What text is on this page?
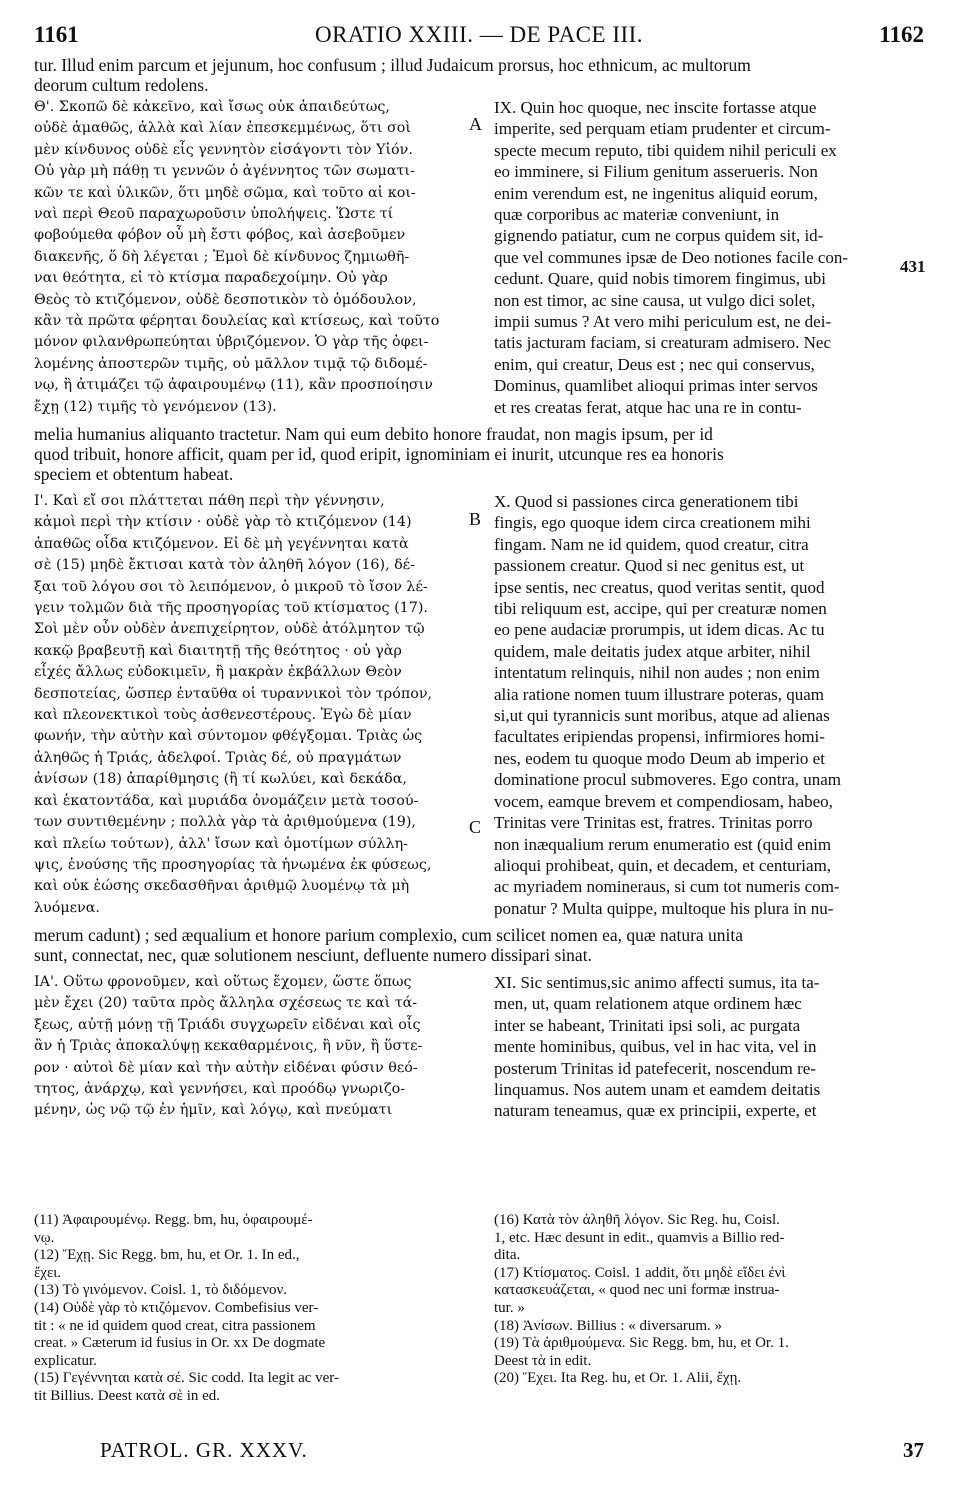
1161	ORATIO XXIII. — DE PACE III.	1162
tur. Illud enim parcum et jejunum, hoc confusum ; illud Judaicum prorsus, hoc ethnicum, ac multorum
deorum cultum redolens.
Θ'. Σκοπῶ δὲ κἀκεῖνο, καὶ ἴσως οὐκ ἀπαιδεύτως,
οὐδὲ ἀμαθῶς, ἀλλὰ καὶ λίαν ἐπεσκεμμένως, ὅτι σοὶ
μὲν κίνδυνος οὐδὲ εἷς γεννητὸν εἰσάγοντι τὸν Υἱόν.
Οὐ γὰρ μὴ πάθῃ τι γεννῶν ὁ ἀγέννητος τῶν σωματι-
κῶν τε καὶ ὑλικῶν, ὅτι μηδὲ σῶμα, καὶ τοῦτο αἱ κοι-
ναὶ περὶ Θεοῦ παραχωροῦσιν ὑπολήψεις. Ὥστε τί
φοβούμεθα φόβον οὗ μὴ ἔστι φόβος, καὶ ἀσεβοῦμεν
διακενῆς, ὅ δὴ λέγεται ; Ἐμοὶ δὲ κίνδυνος ζημιωθῆ-
ναι θεότητα, εἰ τὸ κτίσμα παραδεχοίμην. Οὐ γὰρ
Θεὸς τὸ κτιζόμενον, οὐδὲ δεσποτικὸν τὸ ὁμόδουλον,
κἂν τὰ πρῶτα φέρηται δουλείας καὶ κτίσεως, καὶ τοῦτο
μόνον φιλανθρωπεύηται ὑβριζόμενον. Ὁ γὰρ τῆς ὀφει-
λομένης ἀποστερῶν τιμῆς, οὐ μᾶλλον τιμᾷ τῷ διδομέ-
νῳ, ἢ ἀτιμάζει τῷ ἀφαιρουμένῳ (11), κἂν προσποίησιν
ἔχῃ (12) τιμῆς τὸ γενόμενον (13).
IX. Quin hoc quoque, nec inscite fortasse atque
imperite, sed perquam etiam prudenter et circum-
specte mecum reputo, tibi quidem nihil periculi ex
eo imminere, si Filium genitum asserueris. Non
enim verendum est, ne ingenitus aliquid eorum,
quæ corporibus ac materiæ conveniunt, in
gignendo patiatur, cum ne corpus quidem sit, id-
que vel communes ipsæ de Deo notiones facile con-
cedunt. Quare, quid nobis timorem fingimus, ubi
non est timor, ac sine causa, ut vulgo dici solet,
impii sumus ? At vero mihi periculum est, ne dei-
tatis jacturam faciam, si creaturam admisero. Nec
enim, qui creatur, Deus est ; nec qui conservus,
Dominus, quamlibet alioqui primas inter servos
et res creatas ferat, atque hac una re in contu-
431
A
melia humanius aliquanto tractetur. Nam qui eum debito honore fraudat, non magis ipsum, per id
quod tribuit, honore afficit, quam per id, quod eripit, ignominiam ei inurit, utcunque res ea honoris
speciem et obtentum habeat.
Ι'. Καὶ εἴ σοι πλάττεται πάθη περὶ τὴν γέννησιν,
κἀμοὶ περὶ τὴν κτίσιν · οὐδὲ γὰρ τὸ κτιζόμενον (14)
ἀπαθῶς οἶδα κτιζόμενον. Εἰ δὲ μὴ γεγέννηται κατὰ
σὲ (15) μηδὲ ἔκτισαι κατὰ τὸν ἀληθῆ λόγον (16), δέ-
ξαι τοῦ λόγου σοι τὸ λειπόμενον, ὁ μικροῦ τὸ ἴσον λέ-
γειν τολμῶν διὰ τῆς προσηγορίας τοῦ κτίσματος (17).
Σοὶ μὲν οὖν οὐδὲν ἀνεπιχείρητον, οὐδὲ ἀτόλμητον τῷ
κακῷ βραβευτῇ καὶ διαιτητῇ τῆς θεότητος · οὐ γὰρ
εἶχές ἄλλως εὐδοκιμεῖν, ἢ μακρὰν ἐκβάλλων Θεὸν
δεσποτείας, ὥσπερ ἐνταῦθα οἱ τυραννικοὶ τὸν τρόπον,
καὶ πλεονεκτικοὶ τοὺς ἀσθενεστέρους. Ἐγὼ δὲ μίαν
φωνήν, τὴν αὐτὴν καὶ σύντομον φθέγξομαι. Τριὰς ὡς
ἀληθῶς ἡ Τριάς, ἀδελφοί. Τριὰς δέ, οὐ πραγμάτων
ἀνίσων (18) ἀπαρίθμησις (ἢ τί κωλύει, καὶ δεκάδα,
καὶ ἑκατοντάδα, καὶ μυριάδα ὀνομάζειν μετὰ τοσού-
των συντιθεμένην ; πολλὰ γὰρ τὰ ἀριθμούμενα (19),
καὶ πλείω τούτων), ἀλλ' ἴσων καὶ ὁμοτίμων σύλλη-
ψις, ἑνούσης τῆς προσηγορίας τὰ ἡνωμένα ἐκ φύσεως,
καὶ οὐκ ἐώσης σκεδασθῆναι ἀριθμῷ λυομένῳ τὰ μὴ
λυόμενα.
X. Quod si passiones circa generationem tibi
fingis, ego quoque idem circa creationem mihi
fingam. Nam ne id quidem, quod creatur, citra
passionem creatur. Quod si nec genitus est, ut
ipse sentis, nec creatus, quod veritas sentit, quod
tibi reliquum est, accipe, qui per creaturæ nomen
eo pene audaciæ prorumpis, ut idem dicas. Ac tu
quidem, male deitatis judex atque arbiter, nihil
intentatum relinquis, nihil non audes ; non enim
alia ratione nomen tuum illustrare poteras, quam
si,ut qui tyrannicis sunt moribus, atque ad alienas
facultates eripiendas propensi, infirmiores homi-
nes, eodem tu quoque modo Deum ab imperio et
dominatione procul submoveres. Ego contra, unam
vocem, eamque brevem et compendiosam, habeo,
Trinitas vere Trinitas est, fratres. Trinitas porro
non inæqualium rerum enumeratio est (quid enim
alioqui prohibeat, quin, et decadem, et centuriam,
ac myriadem nomineraus, si cum tot numeris com-
ponatur ? Multa quippe, multoque his plura in nu-
B
C
merum cadunt) ; sed æqualium et honore parium complexio, cum scilicet nomen ea, quæ natura unita
sunt, connectat, nec, quæ solutionem nesciunt, defluente numero dissipari sinat.
ΙΑ'. Οὕτω φρονοῦμεν, καὶ οὕτως ἔχομεν, ὥστε ὅπως
μὲν ἔχει (20) ταῦτα πρὸς ἄλληλα σχέσεως τε καὶ τά-
ξεως, αὐτῇ μόνῃ τῇ Τριάδι συγχωρεῖν εἰδέναι καὶ οἷς
ἂν ἡ Τριὰς ἀποκαλύψῃ κεκαθαρμένοις, ἢ νῦν, ἢ ὕστε-
ρον · αὐτοὶ δὲ μίαν καὶ τὴν αὐτὴν εἰδέναι φύσιν θεό-
τητος, ἀνάρχῳ, καὶ γεννήσει, καὶ προόδῳ γνωριζο-
μένην, ὡς νῷ τῷ ἐν ἡμῖν, καὶ λόγῳ, καὶ πνεύματι
XI. Sic sentimus,sic animo affecti sumus, ita ta-
men, ut, quam relationem atque ordinem hæc
inter se habeant, Trinitati ipsi soli, ac purgata
mente hominibus, quibus, vel in hac vita, vel in
posterum Trinitas id patefecerit, noscendum re-
linquamus. Nos autem unam et eamdem deitatis
naturam teneamus, quæ ex principii, experte, et
(11) Ἀφαιρουμένῳ. Regg. bm, hu, ὀφαιρουμέ-
νῳ.
(12) Ἔχῃ. Sic Regg. bm, hu, et Or. 1. In ed.,
ἔχει.
(13) Τὸ γινόμενον. Coisl. 1, τὸ διδόμενον.
(14) Οὐδὲ γὰρ τὸ κτιζόμενον. Combefisius ver-
tit : « ne id quidem quod creat, citra passionem
creat. » Cæterum id fusius in Or. xx De dogmate
explicatur.
(15) Γεγέννηται κατὰ σέ. Sic codd. Ita legit ac ver-
tit Billius. Deest κατὰ σὲ in ed.
(16) Κατὰ τὸν ἀληθῆ λόγον. Sic Reg. hu, Coisl.
1, etc. Hæc desunt in edit., quamvis a Billio red-
dita.
(17) Κτίσματος. Coisl. 1 addit, ὅτι μηδὲ εἴδει ἐνὶ
κατασκευάζεται, « quod nec uni formæ instrua-
tur. »
(18) Ἀνίσων. Billius : « diversarum. »
(19) Τὰ ἀριθμούμενα. Sic Regg. bm, hu, et Or. 1.
Deest τὰ in edit.
(20) Ἔχει. Ita Reg. hu, et Or. 1. Alii, ἔχῃ.
PATROL. GR. XXXV.	37
